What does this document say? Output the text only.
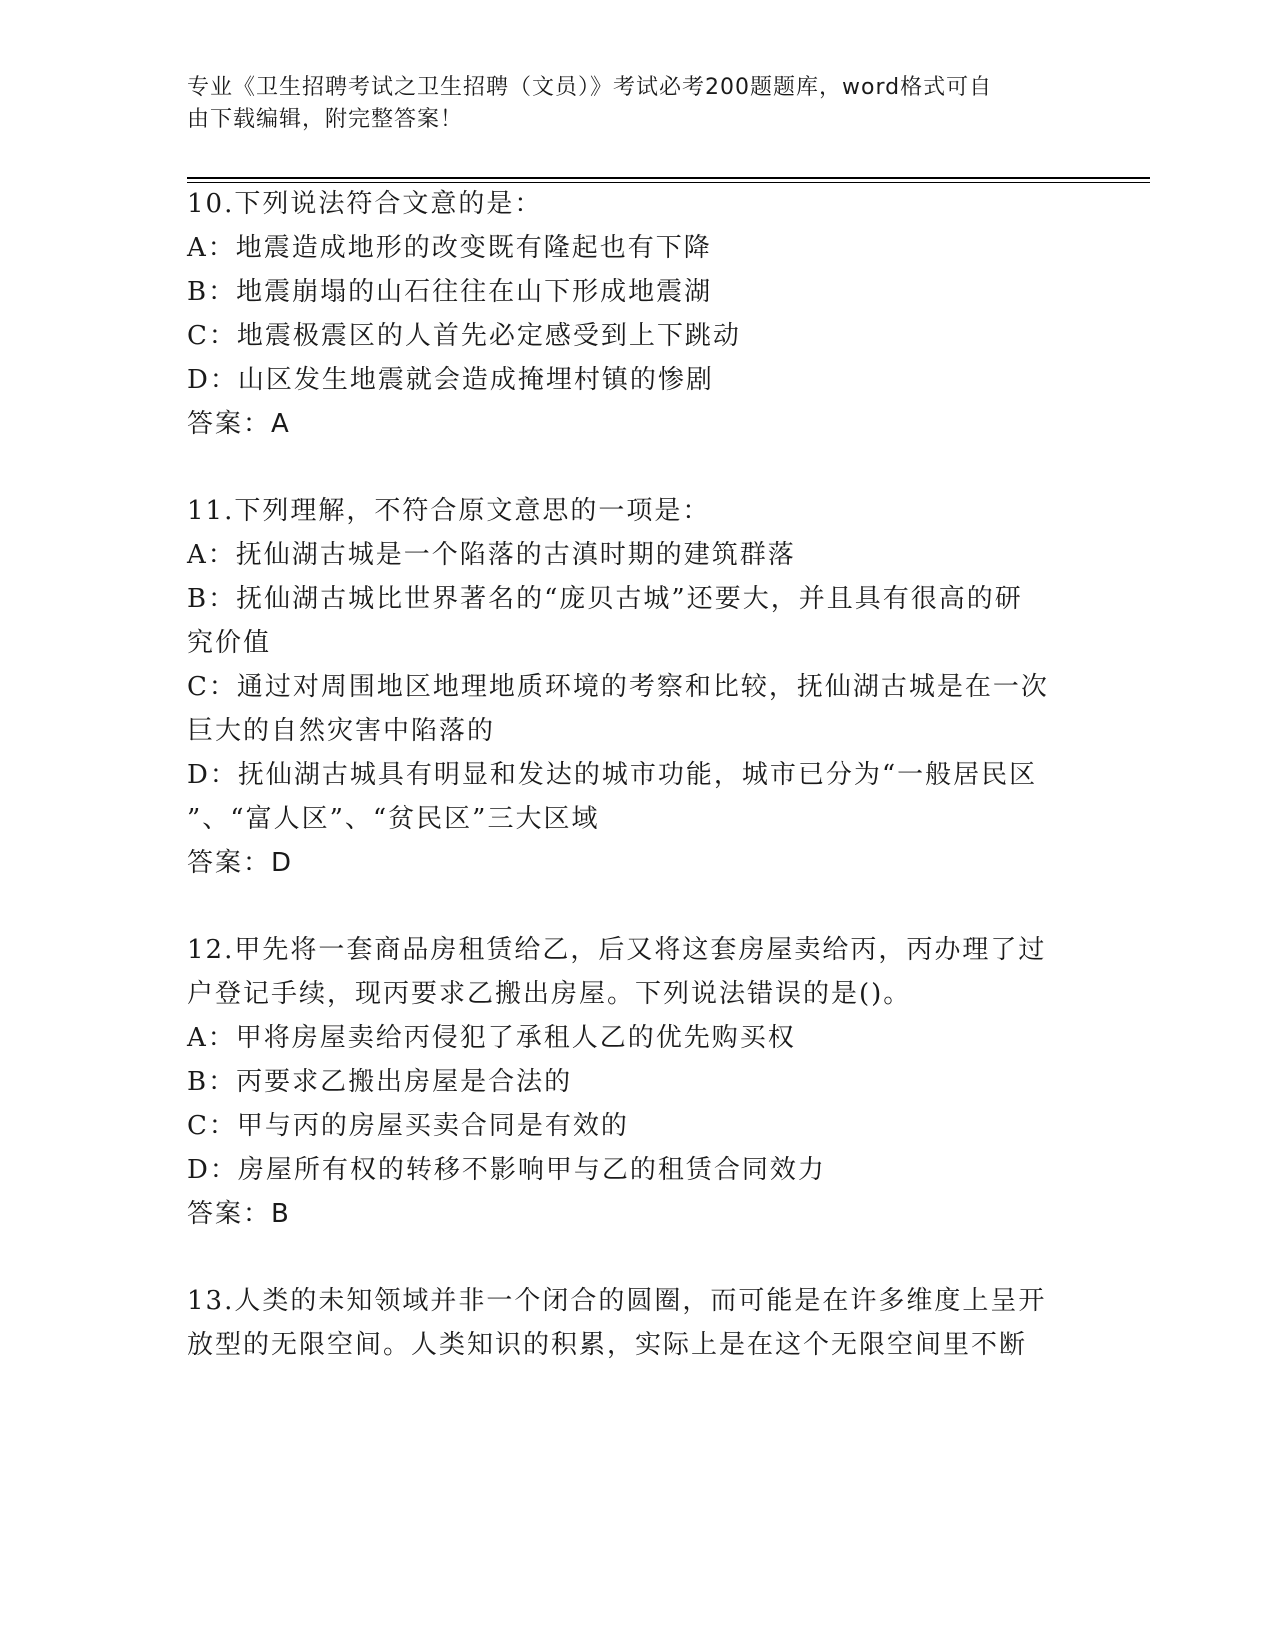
专业《卫生招聘考试之卫生招聘（文员）》考试必考200题题库，word格式可自
由下载编辑，附完整答案！
10.下列说法符合文意的是：
A：地震造成地形的改变既有隆起也有下降
B：地震崩塌的山石往往在山下形成地震湖
C：地震极震区的人首先必定感受到上下跳动
D：山区发生地震就会造成掩埋村镇的惨剧
答案：A
11.下列理解，不符合原文意思的一项是：
A：抚仙湖古城是一个陷落的古滇时期的建筑群落
B：抚仙湖古城比世界著名的“庞贝古城”还要大，并且具有很高的研
究价值
C：通过对周围地区地理地质环境的考察和比较，抚仙湖古城是在一次
巨大的自然灾害中陷落的
D：抚仙湖古城具有明显和发达的城市功能，城市已分为“一般居民区
”、“富人区”、“贫民区”三大区域
答案：D
12.甲先将一套商品房租赁给乙，后又将这套房屋卖给丙，丙办理了过
户登记手续，现丙要求乙搬出房屋。下列说法错误的是()。
A：甲将房屋卖给丙侵犯了承租人乙的优先购买权
B：丙要求乙搬出房屋是合法的
C：甲与丙的房屋买卖合同是有效的
D：房屋所有权的转移不影响甲与乙的租赁合同效力
答案：B
13.人类的未知领域并非一个闭合的圆圈，而可能是在许多维度上呈开
放型的无限空间。人类知识的积累，实际上是在这个无限空间里不断
